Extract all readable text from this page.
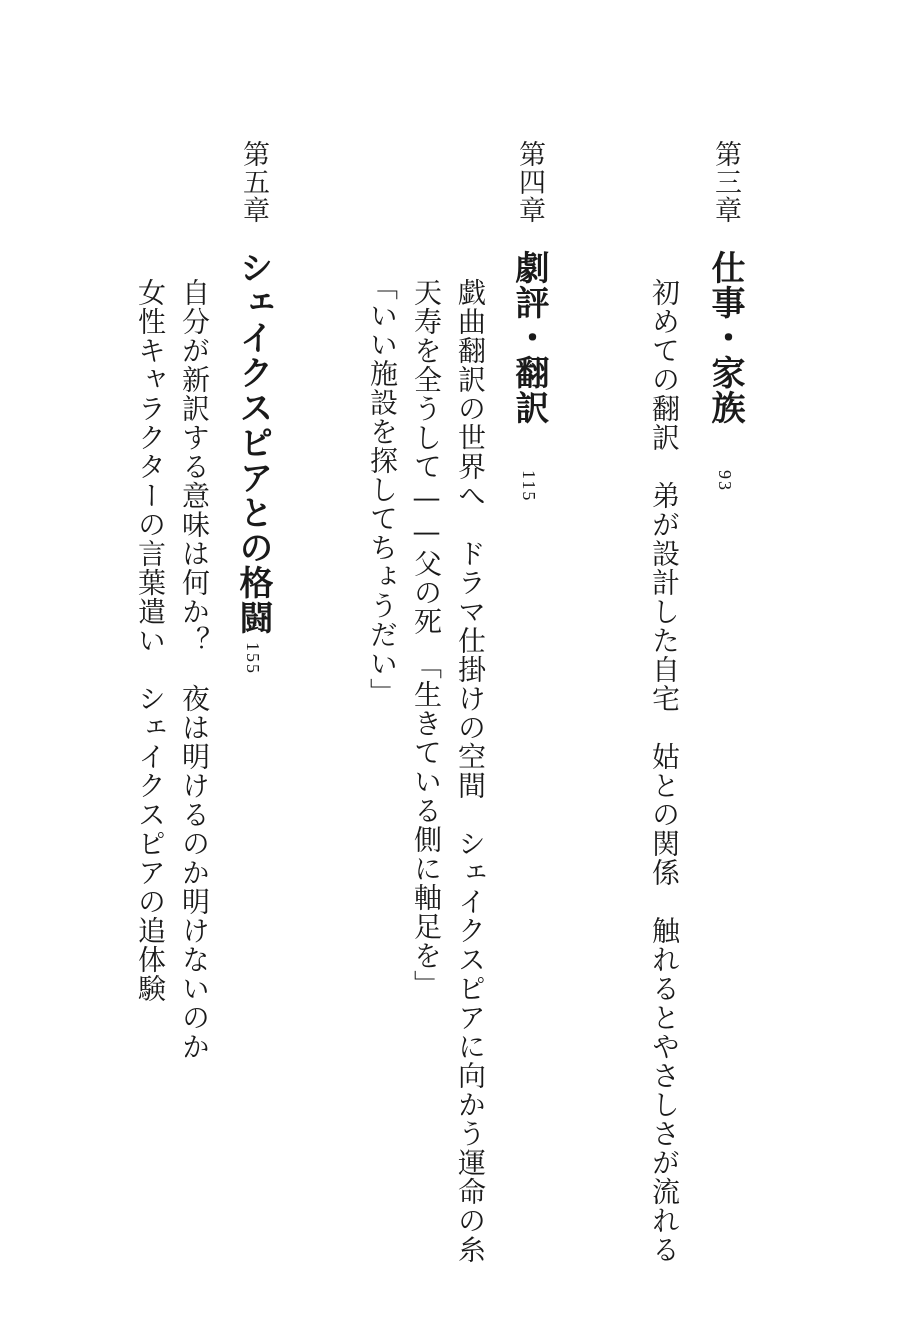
第三章
仕事・家族
93
初めての翻訳　弟が設計した自宅　姑との関係　触れるとやさしさが流れる
第四章
劇評・翻訳
115
戯曲翻訳の世界へ　ドラマ仕掛けの空間　シェイクスピアに向かう運命の糸
天寿を全うして——父の死　「生きている側に軸足を」
「いい施設を探してちょうだい」
第五章
シェイクスピアとの格闘
155
自分が新訳する意味は何か？　夜は明けるのか明けないのか
女性キャラクターの言葉遣い　シェイクスピアの追体験
